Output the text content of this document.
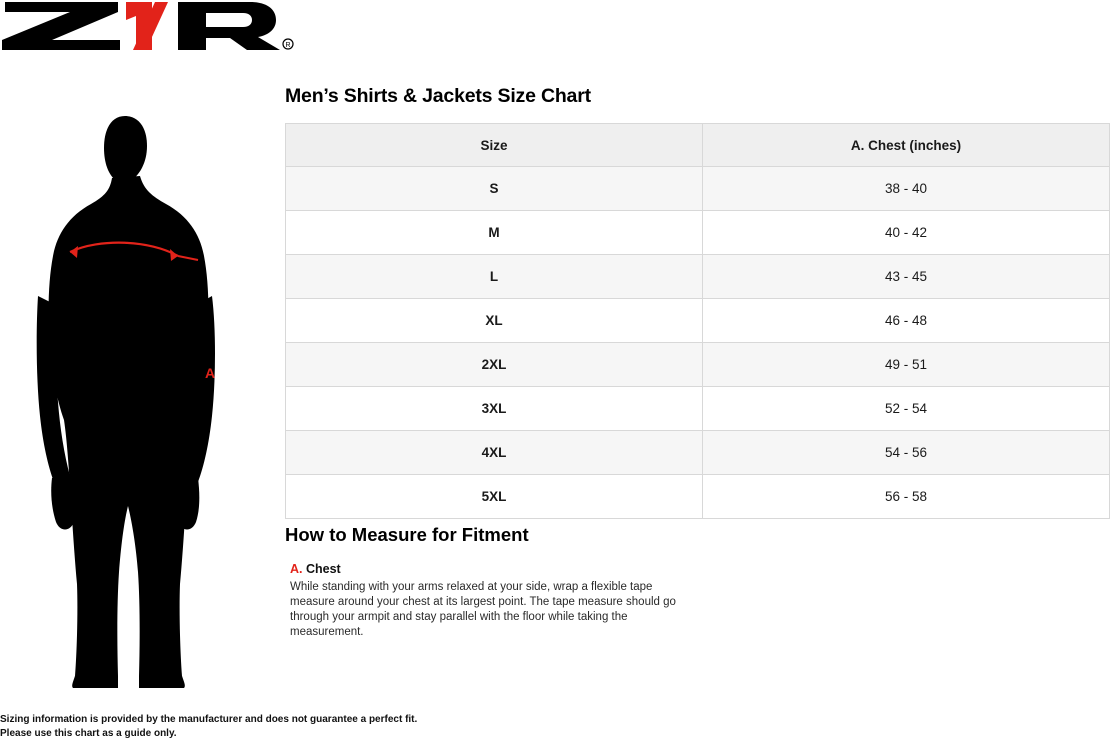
R
Men’s Shirts & Jackets Size Chart
A
Size	A. Chest (inches)
S	38 - 40
M	40 - 42
L	43 - 45
XL	46 - 48
2XL	49 - 51
3XL	52 - 54
4XL	54 - 56
5XL	56 - 58
How to Measure for Fitment
A. Chest
While standing with your arms relaxed at your side, wrap a flexible tape measure around your chest at its largest point. The tape measure should go through your armpit and stay parallel with the floor while taking the measurement.
Sizing information is provided by the manufacturer and does not guarantee a perfect fit.
Please use this chart as a guide only.
